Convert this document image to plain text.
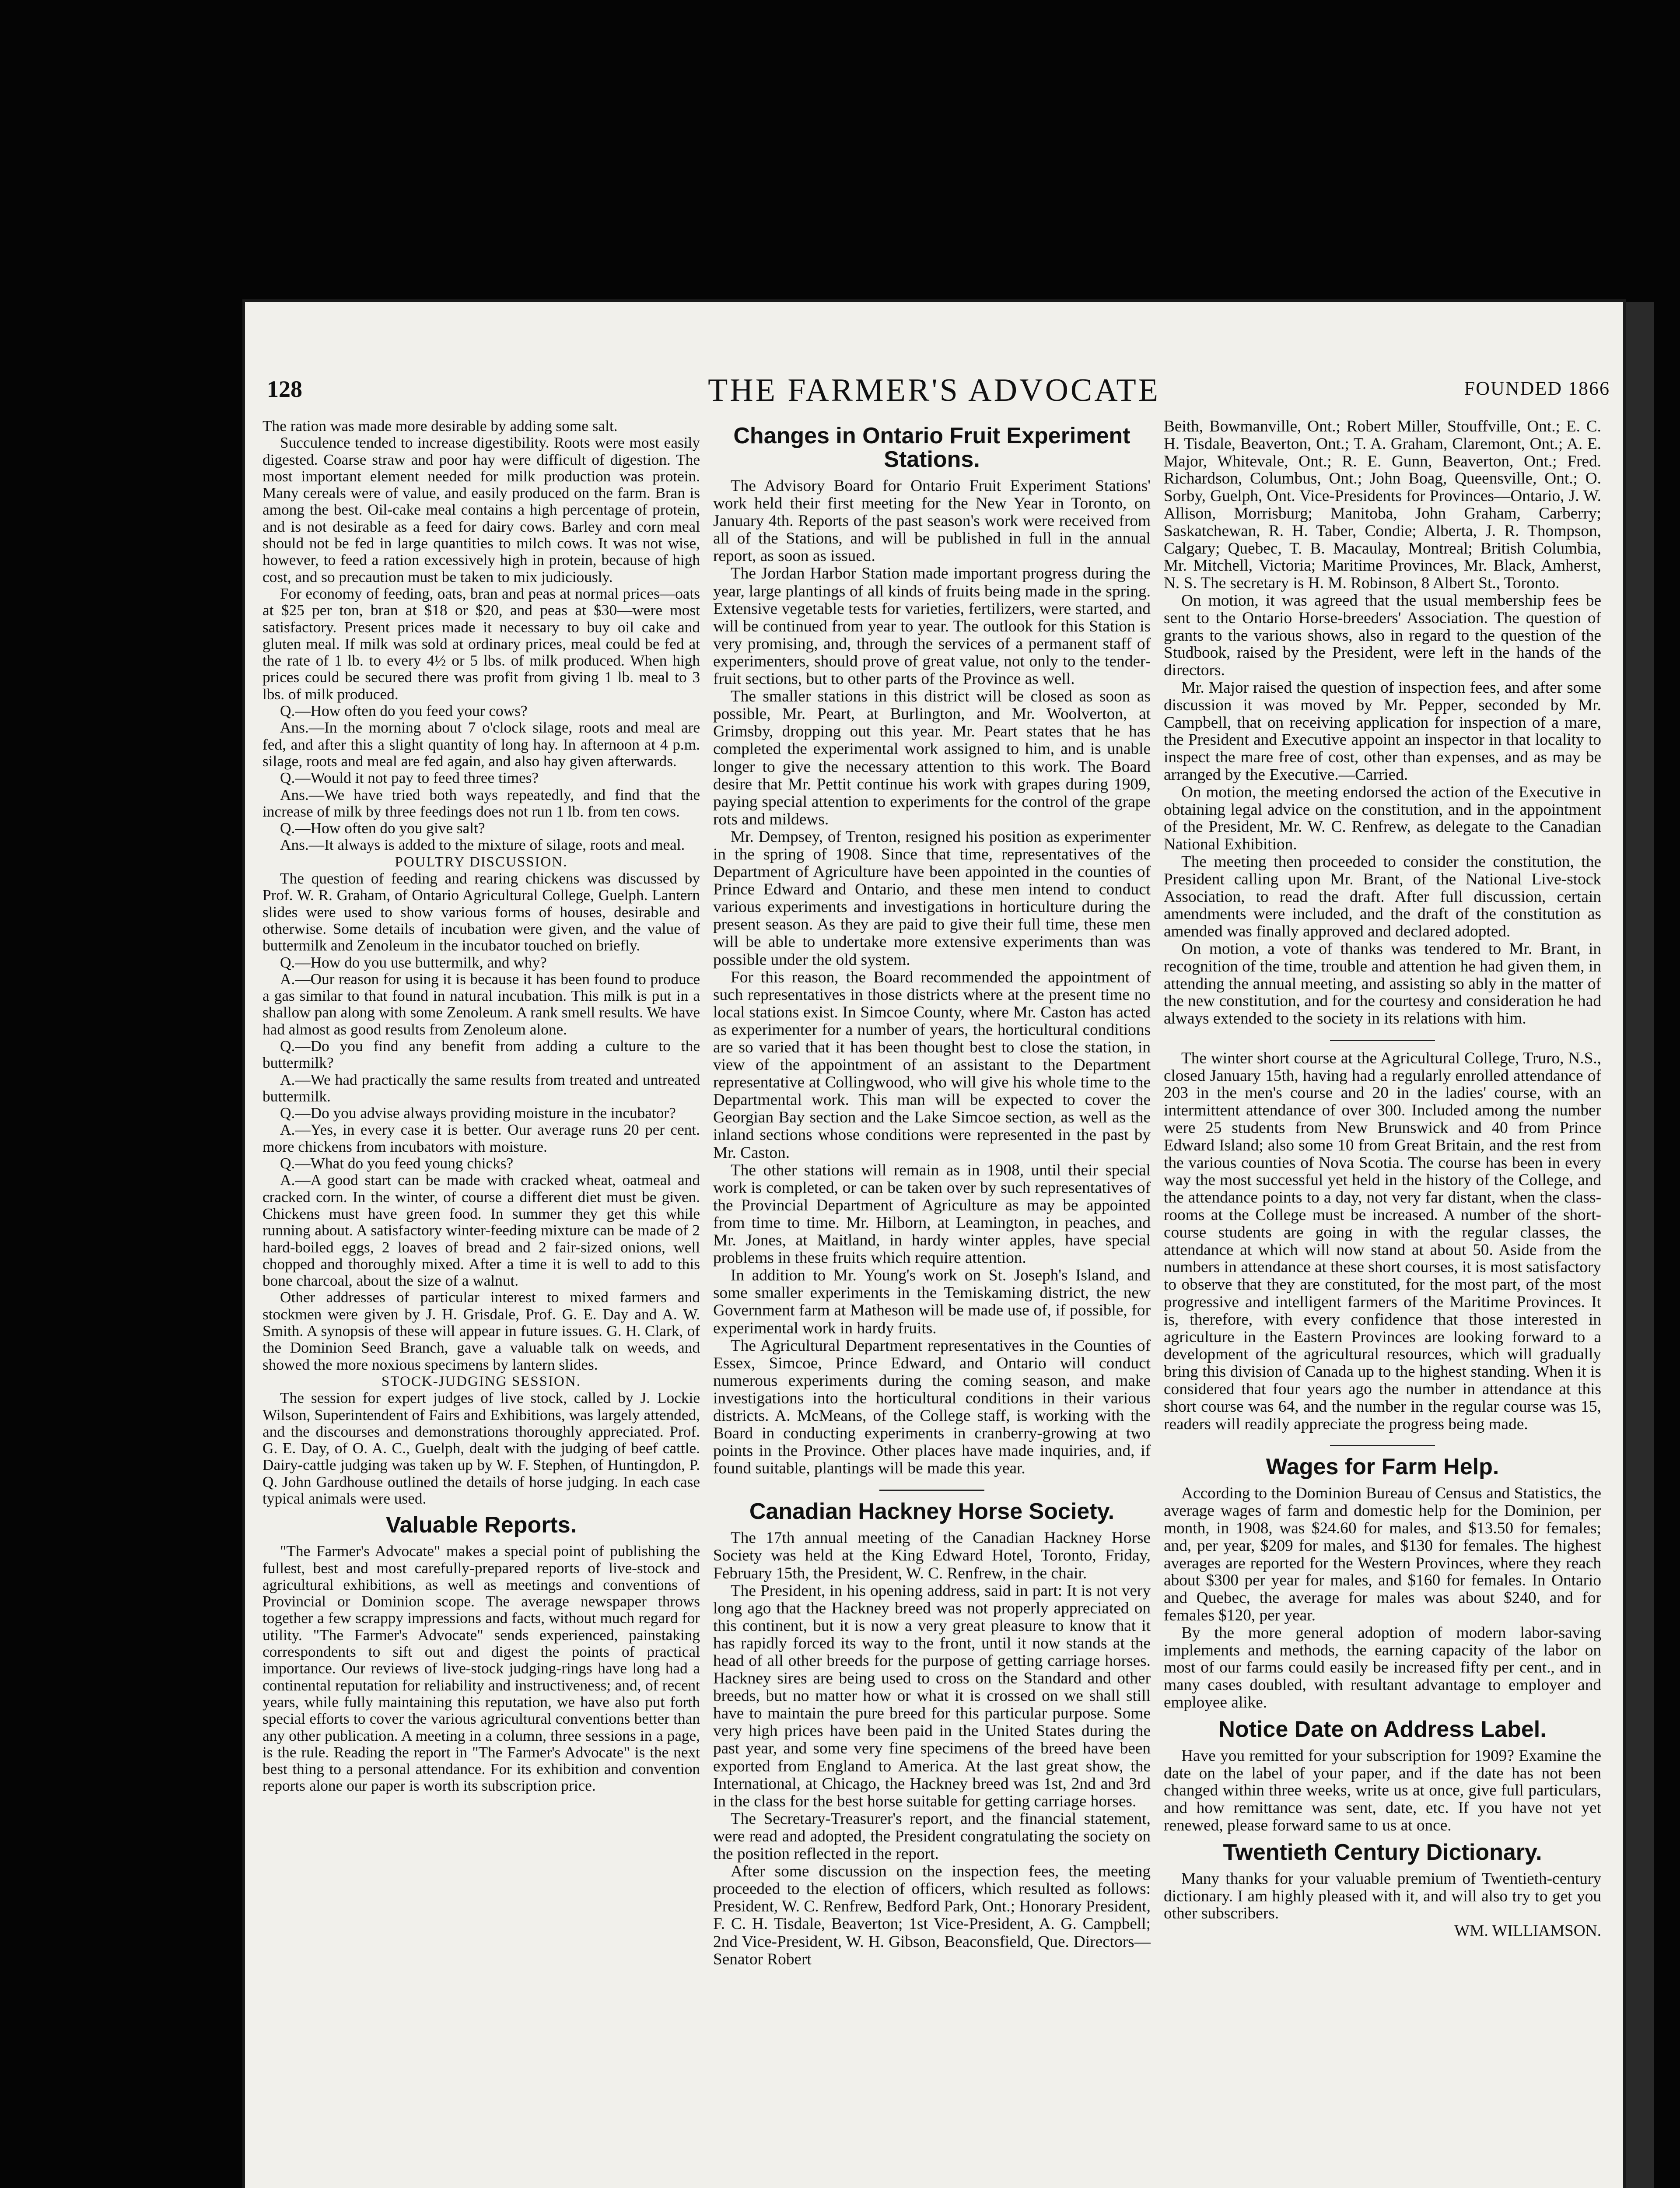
128	THE FARMER'S ADVOCATE	FOUNDED 1866

The ration was made more desirable by adding some salt.

Succulence tended to increase digestibility. Roots were most easily digested. Coarse straw and poor hay were difficult of digestion. The most important element needed for milk production was protein. Many cereals were of value, and easily produced on the farm. Bran is among the best. Oil-cake meal contains a high percentage of protein, and is not desirable as a feed for dairy cows. Barley and corn meal should not be fed in large quantities to milch cows. It was not wise, however, to feed a ration excessively high in protein, because of high cost, and so precaution must be taken to mix judiciously.

For economy of feeding, oats, bran and peas at normal prices—oats at $25 per ton, bran at $18 or $20, and peas at $30—were most satisfactory. Present prices made it necessary to buy oil cake and gluten meal. If milk was sold at ordinary prices, meal could be fed at the rate of 1 lb. to every 4½ or 5 lbs. of milk produced. When high prices could be secured there was profit from giving 1 lb. meal to 3 lbs. of milk produced.

Q.—How often do you feed your cows?

Ans.—In the morning about 7 o'clock silage, roots and meal are fed, and after this a slight quantity of long hay. In afternoon at 4 p.m. silage, roots and meal are fed again, and also hay given afterwards.

Q.—Would it not pay to feed three times?

Ans.—We have tried both ways repeatedly, and find that the increase of milk by three feedings does not run 1 lb. from ten cows.

Q.—How often do you give salt?

Ans.—It always is added to the mixture of silage, roots and meal.

POULTRY DISCUSSION.

The question of feeding and rearing chickens was discussed by Prof. W. R. Graham, of Ontario Agricultural College, Guelph. Lantern slides were used to show various forms of houses, desirable and otherwise. Some details of incubation were given, and the value of buttermilk and Zenoleum in the incubator touched on briefly.

Q.—How do you use buttermilk, and why?

A.—Our reason for using it is because it has been found to produce a gas similar to that found in natural incubation. This milk is put in a shallow pan along with some Zenoleum. A rank smell results. We have had almost as good results from Zenoleum alone.

Q.—Do you find any benefit from adding a culture to the buttermilk?

A.—We had practically the same results from treated and untreated buttermilk.

Q.—Do you advise always providing moisture in the incubator?

A.—Yes, in every case it is better. Our average runs 20 per cent. more chickens from incubators with moisture.

Q.—What do you feed young chicks?

A.—A good start can be made with cracked wheat, oatmeal and cracked corn. In the winter, of course a different diet must be given. Chickens must have green food. In summer they get this while running about. A satisfactory winter-feeding mixture can be made of 2 hard-boiled eggs, 2 loaves of bread and 2 fair-sized onions, well chopped and thoroughly mixed. After a time it is well to add to this bone charcoal, about the size of a walnut.

Other addresses of particular interest to mixed farmers and stockmen were given by J. H. Grisdale, Prof. G. E. Day and A. W. Smith. A synopsis of these will appear in future issues. G. H. Clark, of the Dominion Seed Branch, gave a valuable talk on weeds, and showed the more noxious specimens by lantern slides.

STOCK-JUDGING SESSION.

The session for expert judges of live stock, called by J. Lockie Wilson, Superintendent of Fairs and Exhibitions, was largely attended, and the discourses and demonstrations thoroughly appreciated. Prof. G. E. Day, of O. A. C., Guelph, dealt with the judging of beef cattle. Dairy-cattle judging was taken up by W. F. Stephen, of Huntingdon, P. Q. John Gardhouse outlined the details of horse judging. In each case typical animals were used.

Valuable Reports.

"The Farmer's Advocate" makes a special point of publishing the fullest, best and most carefully-prepared reports of live-stock and agricultural exhibitions, as well as meetings and conventions of Provincial or Dominion scope. The average newspaper throws together a few scrappy impressions and facts, without much regard for utility. "The Farmer's Advocate" sends experienced, painstaking correspondents to sift out and digest the points of practical importance. Our reviews of live-stock judging-rings have long had a continental reputation for reliability and instructiveness; and, of recent years, while fully maintaining this reputation, we have also put forth special efforts to cover the various agricultural conventions better than any other publication. A meeting in a column, three sessions in a page, is the rule. Reading the report in "The Farmer's Advocate" is the next best thing to a personal attendance. For its exhibition and convention reports alone our paper is worth its subscription price.

Changes in Ontario Fruit Experiment Stations.

The Advisory Board for Ontario Fruit Experiment Stations' work held their first meeting for the New Year in Toronto, on January 4th. Reports of the past season's work were received from all of the Stations, and will be published in full in the annual report, as soon as issued.

The Jordan Harbor Station made important progress during the year, large plantings of all kinds of fruits being made in the spring. Extensive vegetable tests for varieties, fertilizers, were started, and will be continued from year to year. The outlook for this Station is very promising, and, through the services of a permanent staff of experimenters, should prove of great value, not only to the tender-fruit sections, but to other parts of the Province as well.

The smaller stations in this district will be closed as soon as possible, Mr. Peart, at Burlington, and Mr. Woolverton, at Grimsby, dropping out this year. Mr. Peart states that he has completed the experimental work assigned to him, and is unable longer to give the necessary attention to this work. The Board desire that Mr. Pettit continue his work with grapes during 1909, paying special attention to experiments for the control of the grape rots and mildews.

Mr. Dempsey, of Trenton, resigned his position as experimenter in the spring of 1908. Since that time, representatives of the Department of Agriculture have been appointed in the counties of Prince Edward and Ontario, and these men intend to conduct various experiments and investigations in horticulture during the present season. As they are paid to give their full time, these men will be able to undertake more extensive experiments than was possible under the old system.

For this reason, the Board recommended the appointment of such representatives in those districts where at the present time no local stations exist. In Simcoe County, where Mr. Caston has acted as experimenter for a number of years, the horticultural conditions are so varied that it has been thought best to close the station, in view of the appointment of an assistant to the Department representative at Collingwood, who will give his whole time to the Departmental work. This man will be expected to cover the Georgian Bay section and the Lake Simcoe section, as well as the inland sections whose conditions were represented in the past by Mr. Caston.

The other stations will remain as in 1908, until their special work is completed, or can be taken over by such representatives of the Provincial Department of Agriculture as may be appointed from time to time. Mr. Hilborn, at Leamington, in peaches, and Mr. Jones, at Maitland, in hardy winter apples, have special problems in these fruits which require attention.

In addition to Mr. Young's work on St. Joseph's Island, and some smaller experiments in the Temiskaming district, the new Government farm at Matheson will be made use of, if possible, for experimental work in hardy fruits.

The Agricultural Department representatives in the Counties of Essex, Simcoe, Prince Edward, and Ontario will conduct numerous experiments during the coming season, and make investigations into the horticultural conditions in their various districts. A. McMeans, of the College staff, is working with the Board in conducting experiments in cranberry-growing at two points in the Province. Other places have made inquiries, and, if found suitable, plantings will be made this year.

Canadian Hackney Horse Society.

The 17th annual meeting of the Canadian Hackney Horse Society was held at the King Edward Hotel, Toronto, Friday, February 15th, the President, W. C. Renfrew, in the chair.

The President, in his opening address, said in part: It is not very long ago that the Hackney breed was not properly appreciated on this continent, but it is now a very great pleasure to know that it has rapidly forced its way to the front, until it now stands at the head of all other breeds for the purpose of getting carriage horses. Hackney sires are being used to cross on the Standard and other breeds, but no matter how or what it is crossed on we shall still have to maintain the pure breed for this particular purpose. Some very high prices have been paid in the United States during the past year, and some very fine specimens of the breed have been exported from England to America. At the last great show, the International, at Chicago, the Hackney breed was 1st, 2nd and 3rd in the class for the best horse suitable for getting carriage horses.

The Secretary-Treasurer's report, and the financial statement, were read and adopted, the President congratulating the society on the position reflected in the report.

After some discussion on the inspection fees, the meeting proceeded to the election of officers, which resulted as follows: President, W. C. Renfrew, Bedford Park, Ont.; Honorary President, F. C. H. Tisdale, Beaverton; 1st Vice-President, A. G. Campbell; 2nd Vice-President, W. H. Gibson, Beaconsfield, Que. Directors—Senator Robert

Beith, Bowmanville, Ont.; Robert Miller, Stouffville, Ont.; E. C. H. Tisdale, Beaverton, Ont.; T. A. Graham, Claremont, Ont.; A. E. Major, Whitevale, Ont.; R. E. Gunn, Beaverton, Ont.; Fred. Richardson, Columbus, Ont.; John Boag, Queensville, Ont.; O. Sorby, Guelph, Ont. Vice-Presidents for Provinces—Ontario, J. W. Allison, Morrisburg; Manitoba, John Graham, Carberry; Saskatchewan, R. H. Taber, Condie; Alberta, J. R. Thompson, Calgary; Quebec, T. B. Macaulay, Montreal; British Columbia, Mr. Mitchell, Victoria; Maritime Provinces, Mr. Black, Amherst, N. S. The secretary is H. M. Robinson, 8 Albert St., Toronto.

On motion, it was agreed that the usual membership fees be sent to the Ontario Horse-breeders' Association. The question of grants to the various shows, also in regard to the question of the Studbook, raised by the President, were left in the hands of the directors.

Mr. Major raised the question of inspection fees, and after some discussion it was moved by Mr. Pepper, seconded by Mr. Campbell, that on receiving application for inspection of a mare, the President and Executive appoint an inspector in that locality to inspect the mare free of cost, other than expenses, and as may be arranged by the Executive.—Carried.

On motion, the meeting endorsed the action of the Executive in obtaining legal advice on the constitution, and in the appointment of the President, Mr. W. C. Renfrew, as delegate to the Canadian National Exhibition.

The meeting then proceeded to consider the constitution, the President calling upon Mr. Brant, of the National Live-stock Association, to read the draft. After full discussion, certain amendments were included, and the draft of the constitution as amended was finally approved and declared adopted.

On motion, a vote of thanks was tendered to Mr. Brant, in recognition of the time, trouble and attention he had given them, in attending the annual meeting, and assisting so ably in the matter of the new constitution, and for the courtesy and consideration he had always extended to the society in its relations with him.

The winter short course at the Agricultural College, Truro, N.S., closed January 15th, having had a regularly enrolled attendance of 203 in the men's course and 20 in the ladies' course, with an intermittent attendance of over 300. Included among the number were 25 students from New Brunswick and 40 from Prince Edward Island; also some 10 from Great Britain, and the rest from the various counties of Nova Scotia. The course has been in every way the most successful yet held in the history of the College, and the attendance points to a day, not very far distant, when the class-rooms at the College must be increased. A number of the short-course students are going in with the regular classes, the attendance at which will now stand at about 50. Aside from the numbers in attendance at these short courses, it is most satisfactory to observe that they are constituted, for the most part, of the most progressive and intelligent farmers of the Maritime Provinces. It is, therefore, with every confidence that those interested in agriculture in the Eastern Provinces are looking forward to a development of the agricultural resources, which will gradually bring this division of Canada up to the highest standing. When it is considered that four years ago the number in attendance at this short course was 64, and the number in the regular course was 15, readers will readily appreciate the progress being made.

Wages for Farm Help.

According to the Dominion Bureau of Census and Statistics, the average wages of farm and domestic help for the Dominion, per month, in 1908, was $24.60 for males, and $13.50 for females; and, per year, $209 for males, and $130 for females. The highest averages are reported for the Western Provinces, where they reach about $300 per year for males, and $160 for females. In Ontario and Quebec, the average for males was about $240, and for females $120, per year.

By the more general adoption of modern labor-saving implements and methods, the earning capacity of the labor on most of our farms could easily be increased fifty per cent., and in many cases doubled, with resultant advantage to employer and employee alike.

Notice Date on Address Label.

Have you remitted for your subscription for 1909? Examine the date on the label of your paper, and if the date has not been changed within three weeks, write us at once, give full particulars, and how remittance was sent, date, etc. If you have not yet renewed, please forward same to us at once.

Twentieth Century Dictionary.

Many thanks for your valuable premium of Twentieth-century dictionary. I am highly pleased with it, and will also try to get you other subscribers.

WM. WILLIAMSON.
